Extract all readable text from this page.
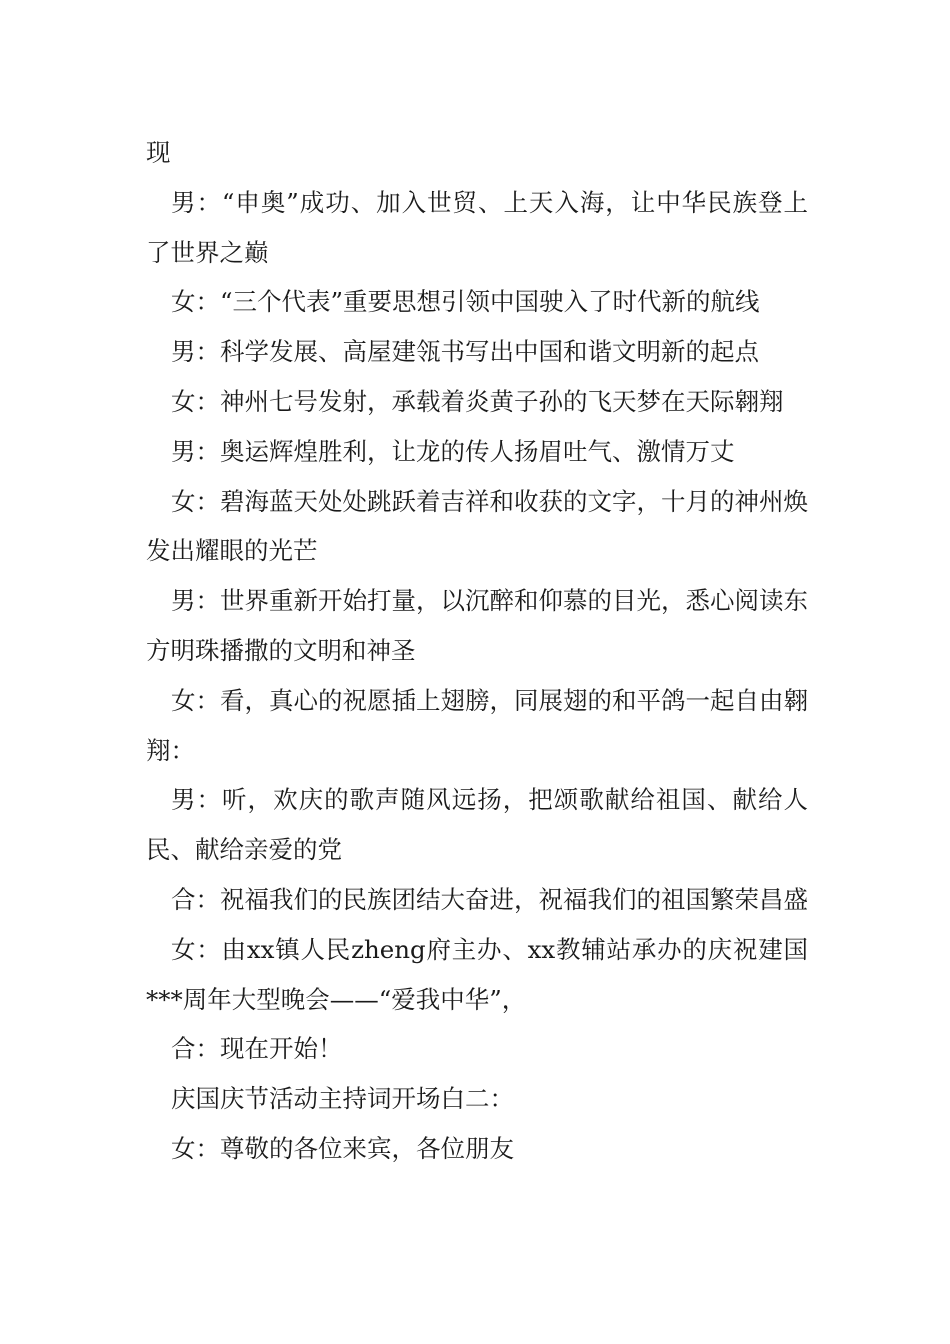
现

男：“申奥”成功、加入世贸、上天入海，让中华民族登上了世界之巅

女：“三个代表”重要思想引领中国驶入了时代新的航线

男：科学发展、高屋建瓴书写出中国和谐文明新的起点

女：神州七号发射，承载着炎黄子孙的飞天梦在天际翱翔

男：奥运辉煌胜利，让龙的传人扬眉吐气、激情万丈

女：碧海蓝天处处跳跃着吉祥和收获的文字，十月的神州焕发出耀眼的光芒

男：世界重新开始打量，以沉醉和仰慕的目光，悉心阅读东方明珠播撒的文明和神圣

女：看，真心的祝愿插上翅膀，同展翅的和平鸽一起自由翱翔：

男：听，欢庆的歌声随风远扬，把颂歌献给祖国、献给人民、献给亲爱的党

合：祝福我们的民族团结大奋进，祝福我们的祖国繁荣昌盛

女：由xx镇人民zheng府主办、xx教辅站承办的庆祝建国***周年大型晚会——“爱我中华”，

合：现在开始！

庆国庆节活动主持词开场白二：

女：尊敬的各位来宾，各位朋友
